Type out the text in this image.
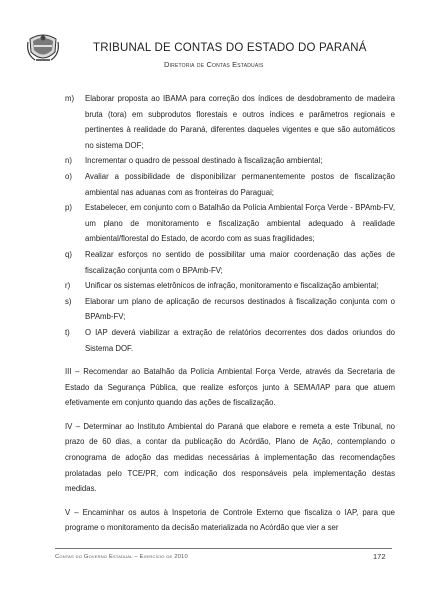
TRIBUNAL DE CONTAS DO ESTADO DO PARANÁ
Diretoria de Contas Estaduais
m) Elaborar proposta ao IBAMA para correção dos índices de desdobramento de madeira bruta (tora) em subprodutos florestais e outros índices e parâmetros regionais e pertinentes à realidade do Paraná, diferentes daqueles vigentes e que são automáticos no sistema DOF;
n) Incrementar o quadro de pessoal destinado à fiscalização ambiental;
o) Avaliar a possibilidade de disponibilizar permanentemente postos de fiscalização ambiental nas aduanas com as fronteiras do Paraguai;
p) Estabelecer, em conjunto com o Batalhão da Polícia Ambiental Força Verde - BPAmb-FV, um plano de monitoramento e fiscalização ambiental adequado à realidade ambiental/florestal do Estado, de acordo com as suas fragilidades;
q) Realizar esforços no sentido de possibilitar uma maior coordenação das ações de fiscalização conjunta com o BPAmb-FV;
r) Unificar os sistemas eletrônicos de infração, monitoramento e fiscalização ambiental;
s) Elaborar um plano de aplicação de recursos destinados à fiscalização conjunta com o BPAmb-FV;
t) O IAP deverá viabilizar a extração de relatórios decorrentes dos dados oriundos do Sistema DOF.

III – Recomendar ao Batalhão da Polícia Ambiental Força Verde, através da Secretaria de Estado da Segurança Pública, que realize esforços junto à SEMA/IAP para que atuem efetivamente em conjunto quando das ações de fiscalização.

IV – Determinar ao Instituto Ambiental do Paraná que elabore e remeta a este Tribunal, no prazo de 60 dias, a contar da publicação do Acórdão, Plano de Ação, contemplando o cronograma de adoção das medidas necessárias à implementação das recomendações prolatadas pelo TCE/PR, com indicação dos responsáveis pela implementação destas medidas.

V – Encaminhar os autos à Inspetoria de Controle Externo que fiscaliza o IAP, para que programe o monitoramento da decisão materializada no Acórdão que vier a ser

Contas do Governo Estadual – Exercício de 2010	172
